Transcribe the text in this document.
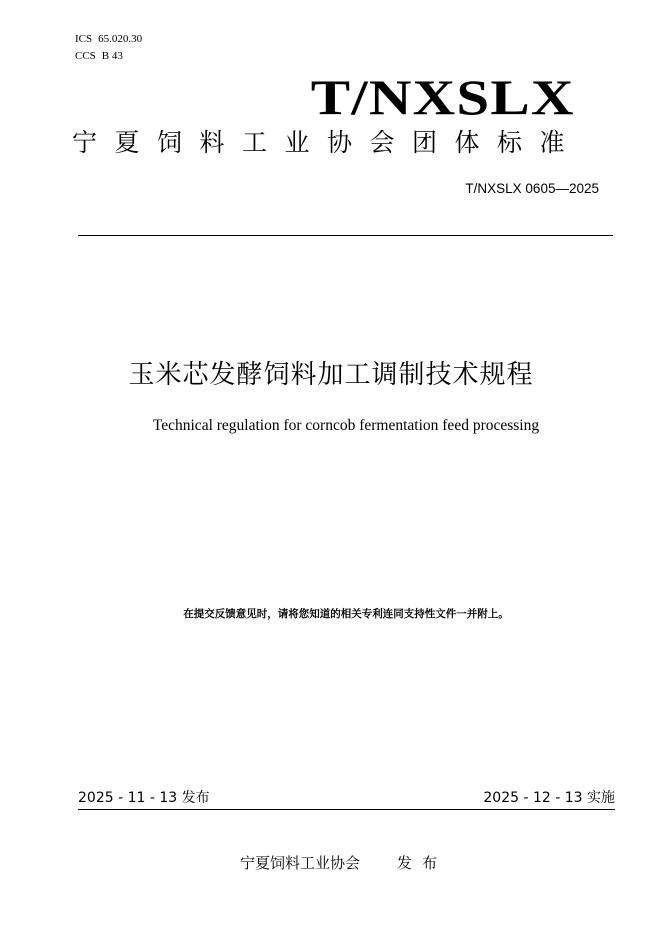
ICS 65.020.30
CCS B 43
T/NXSLX
宁夏饲料工业协会团体标准
T/NXSLX 0605—2025
玉米芯发酵饲料加工调制技术规程
Technical regulation for corncob fermentation feed processing
在提交反馈意见时，请将您知道的相关专利连同支持性文件一并附上。
2025 - 11 - 13 发布	2025 - 12 - 13 实施
宁夏饲料工业协会 发布
